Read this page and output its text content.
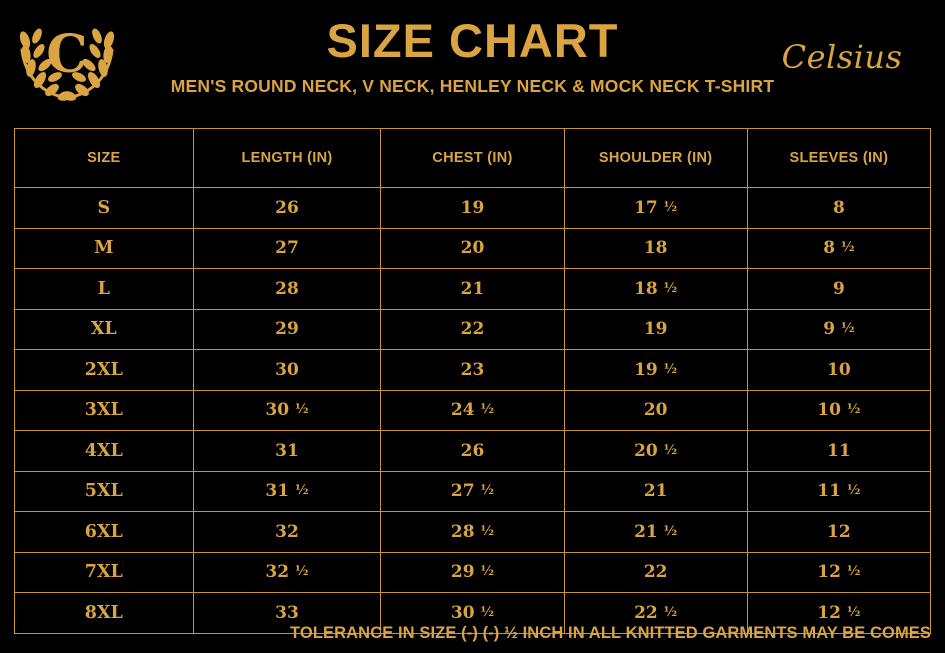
C	SIZE CHART
MEN'S ROUND NECK, V NECK, HENLEY NECK & MOCK NECK T-SHIRT
Celsius
SIZE	LENGTH (IN)	CHEST (IN)	SHOULDER (IN)	SLEEVES (IN)
S	26	19	17 ½	8
M	27	20	18	8 ½
L	28	21	18 ½	9
XL	29	22	19	9 ½
2XL	30	23	19 ½	10
3XL	30 ½	24 ½	20	10 ½
4XL	31	26	20 ½	11
5XL	31 ½	27 ½	21	11 ½
6XL	32	28 ½	21 ½	12
7XL	32 ½	29 ½	22	12 ½
8XL	33	30 ½	22 ½	12 ½
TOLERANCE IN SIZE (-) (-) ½ INCH IN ALL KNITTED GARMENTS MAY BE COMES
